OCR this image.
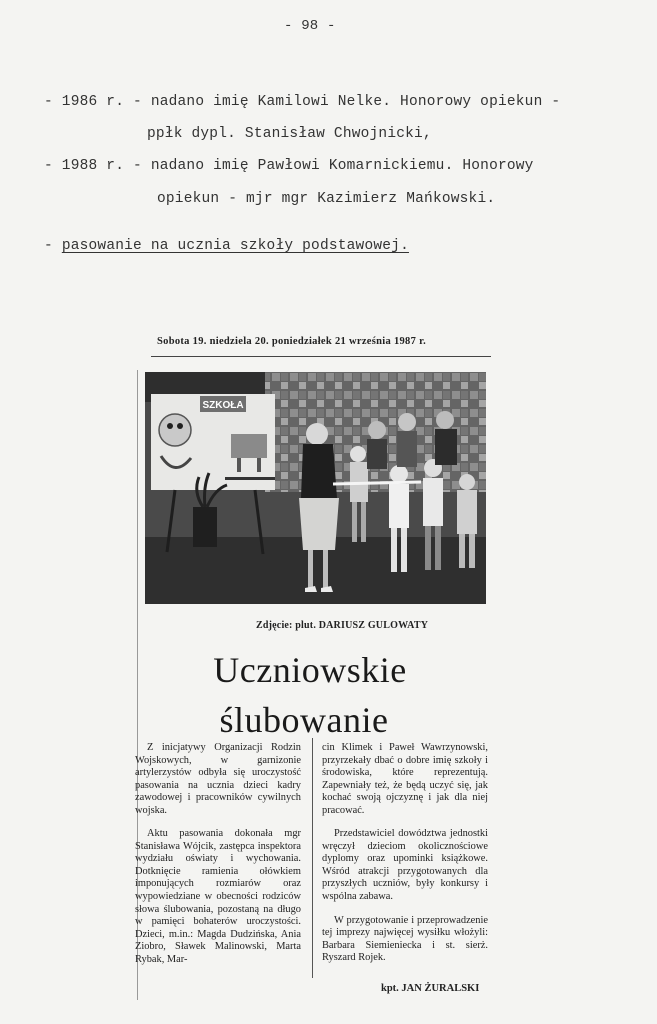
- 98 -
- 1986 r. - nadano imię Kamilowi Nelke. Honorowy opiekun -
ppłk dypl. Stanisław Chwojnicki,
- 1988 r. - nadano imię Pawłowi Komarnickiemu. Honorowy
opiekun - mjr mgr Kazimierz Mańkowski.
- pasowanie na ucznia szkoły podstawowej.
Sobota 19. niedziela 20. poniedziałek 21 września 1987 r.
SZKOŁA
Zdjęcie: plut. DARIUSZ GULOWATY
Uczniowskie
ślubowanie

Z inicjatywy Organizacji Rodzin Wojskowych, w garnizonie artylerzystów odbyła się uroczystość pasowania na ucznia dzieci kadry zawodowej i pracowników cywilnych wojska.

Aktu pasowania dokonała mgr Stanisława Wójcik, zastępca inspektora wydziału oświaty i wychowania. Dotknięcie ramienia ołówkiem imponujących rozmiarów oraz wypowiedziane w obecności rodziców słowa ślubowania, pozostaną na długo w pamięci bohaterów uroczystości. Dzieci, m.in.: Magda Dudzińska, Ania Ziobro, Sławek Malinowski, Marta Rybak, Mar-

cin Klimek i Paweł Wawrzynowski, przyrzekały dbać o dobre imię szkoły i środowiska, które reprezentują. Zapewniały też, że będą uczyć się, jak kochać swoją ojczyznę i jak dla niej pracować.

Przedstawiciel dowództwa jednostki wręczył dzieciom okolicznościowe dyplomy oraz upominki książkowe. Wśród atrakcji przygotowanych dla przyszłych uczniów, były konkursy i wspólna zabawa.

W przygotowanie i przeprowadzenie tej imprezy najwięcej wysiłku włożyli: Barbara Siemieniecka i st. sierż. Ryszard Rojek.

kpt. JAN ŻURALSKI
